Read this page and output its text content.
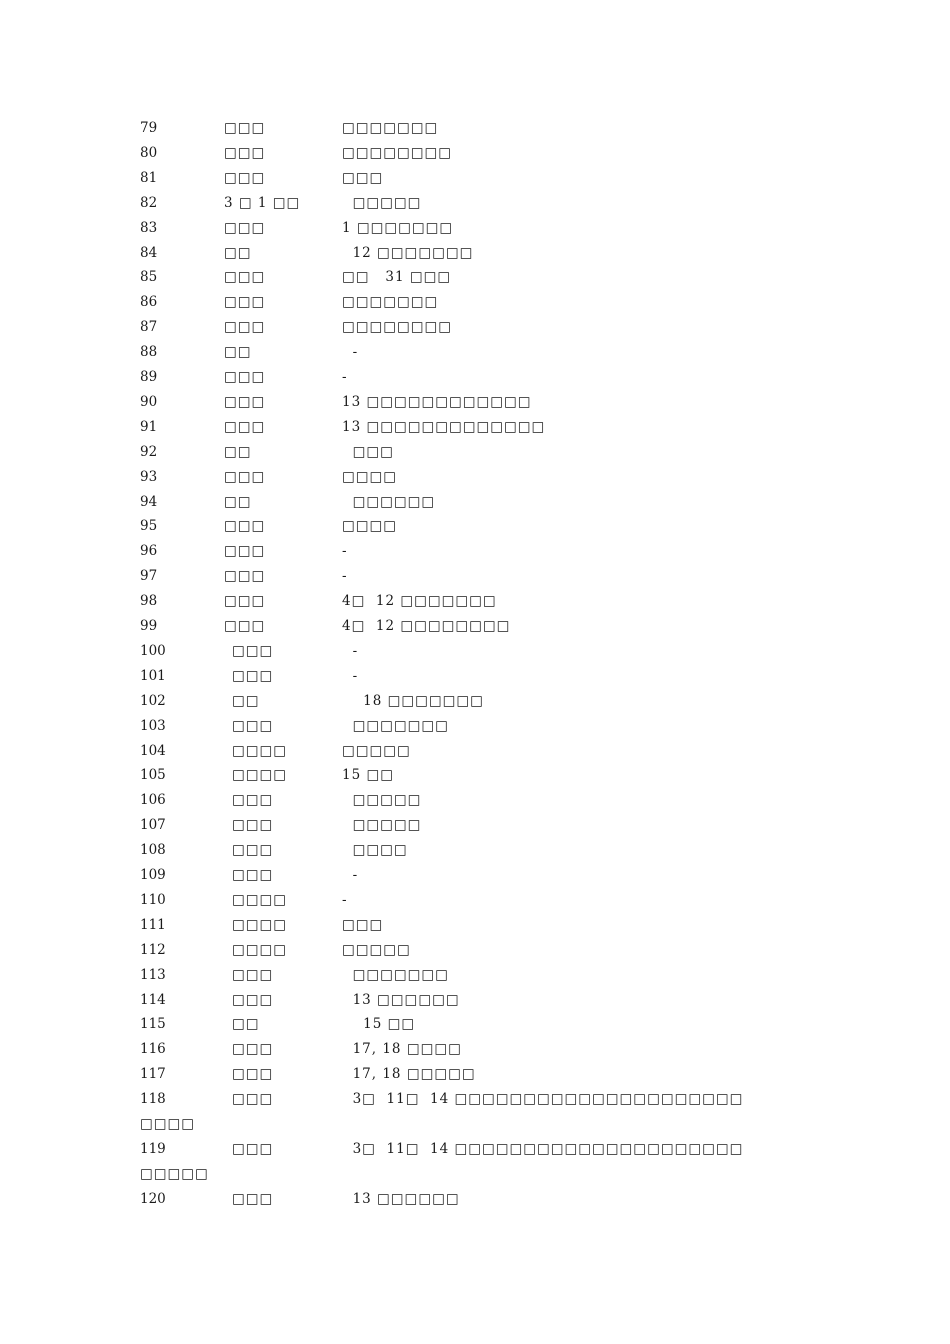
79	□□□	□□□□□□□
80	□□□	□□□□□□□□
81	□□□	□□□
82	3 □ 1 □□	□□□□□
83	□□□	1 □□□□□□□
84	□□	12 □□□□□□□
85	□□□	□□   31 □□□
86	□□□	□□□□□□□
87	□□□	□□□□□□□□
88	□□	-
89	□□□	-
90	□□□	13 □□□□□□□□□□□□
91	□□□	13 □□□□□□□□□□□□□
92	□□	□□□
93	□□□	□□□□
94	□□	□□□□□□
95	□□□	□□□□
96	□□□	-
97	□□□	-
98	□□□	4□  12 □□□□□□□
99	□□□	4□  12 □□□□□□□□
100	□□□	-
101	□□□	-
102	□□	18 □□□□□□□
103	□□□	□□□□□□□
104	□□□□	□□□□□
105	□□□□	15 □□
106	□□□	□□□□□
107	□□□	□□□□□
108	□□□	□□□□
109	□□□	-
110	□□□□	-
111	□□□□	□□□
112	□□□□	□□□□□
113	□□□	□□□□□□□
114	□□□	13 □□□□□□
115	□□	15 □□
116	□□□	17, 18 □□□□
117	□□□	17, 18 □□□□□
118	□□□	3□  11□  14 □□□□□□□□□□□□□□□□□□□□□
□□□□
119	□□□	3□  11□  14 □□□□□□□□□□□□□□□□□□□□□
□□□□□
120	□□□	13 □□□□□□
